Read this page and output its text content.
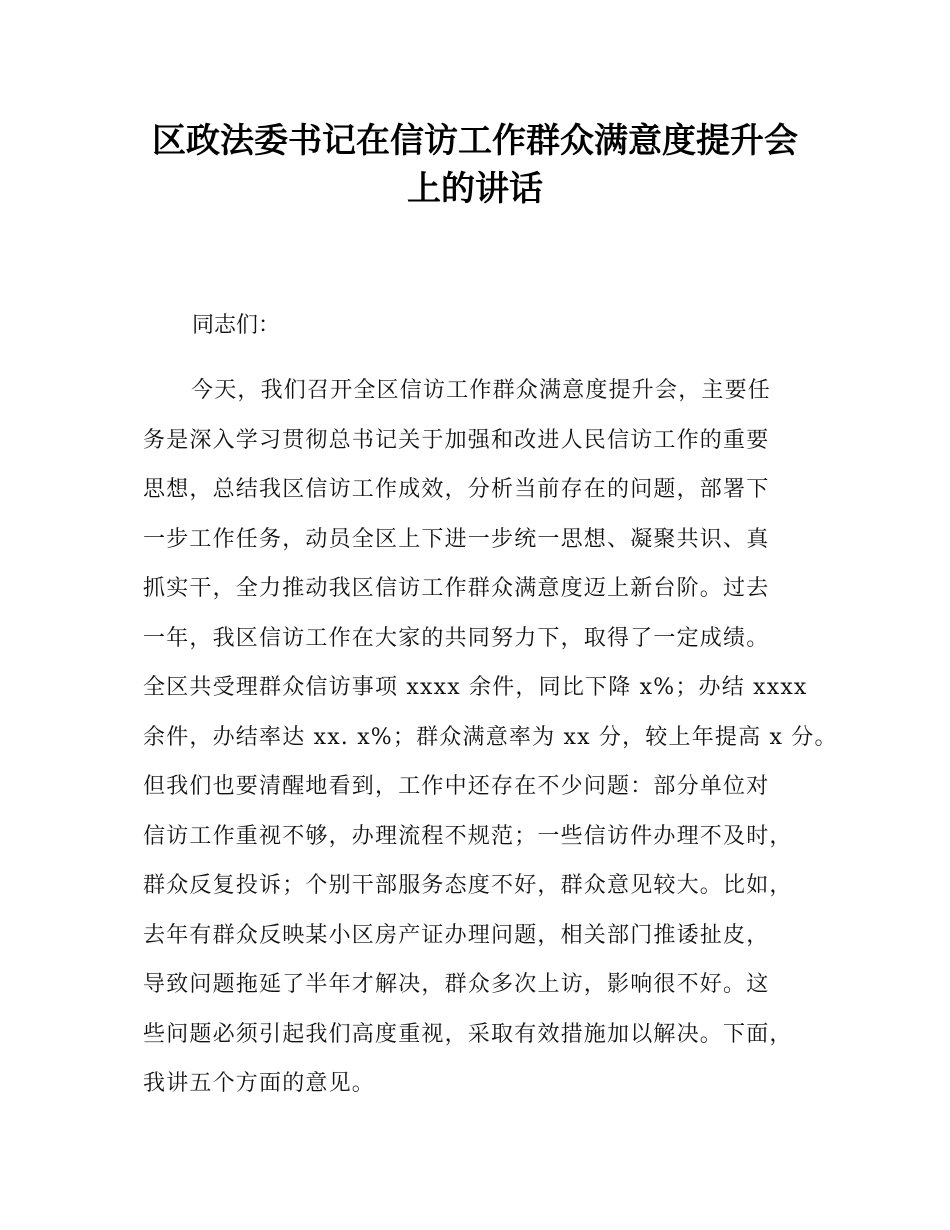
区政法委书记在信访工作群众满意度提升会
上的讲话

同志们：

今天，我们召开全区信访工作群众满意度提升会，主要任
务是深入学习贯彻总书记关于加强和改进人民信访工作的重要
思想，总结我区信访工作成效，分析当前存在的问题，部署下
一步工作任务，动员全区上下进一步统一思想、凝聚共识、真
抓实干，全力推动我区信访工作群众满意度迈上新台阶。过去
一年，我区信访工作在大家的共同努力下，取得了一定成绩。
全区共受理群众信访事项 xxxx 余件，同比下降 x%；办结 xxxx
余件，办结率达 xx. x%；群众满意率为 xx 分，较上年提高 x 分。
但我们也要清醒地看到，工作中还存在不少问题：部分单位对
信访工作重视不够，办理流程不规范；一些信访件办理不及时，
群众反复投诉；个别干部服务态度不好，群众意见较大。比如，
去年有群众反映某小区房产证办理问题，相关部门推诿扯皮，
导致问题拖延了半年才解决，群众多次上访，影响很不好。这
些问题必须引起我们高度重视，采取有效措施加以解决。下面，
我讲五个方面的意见。
